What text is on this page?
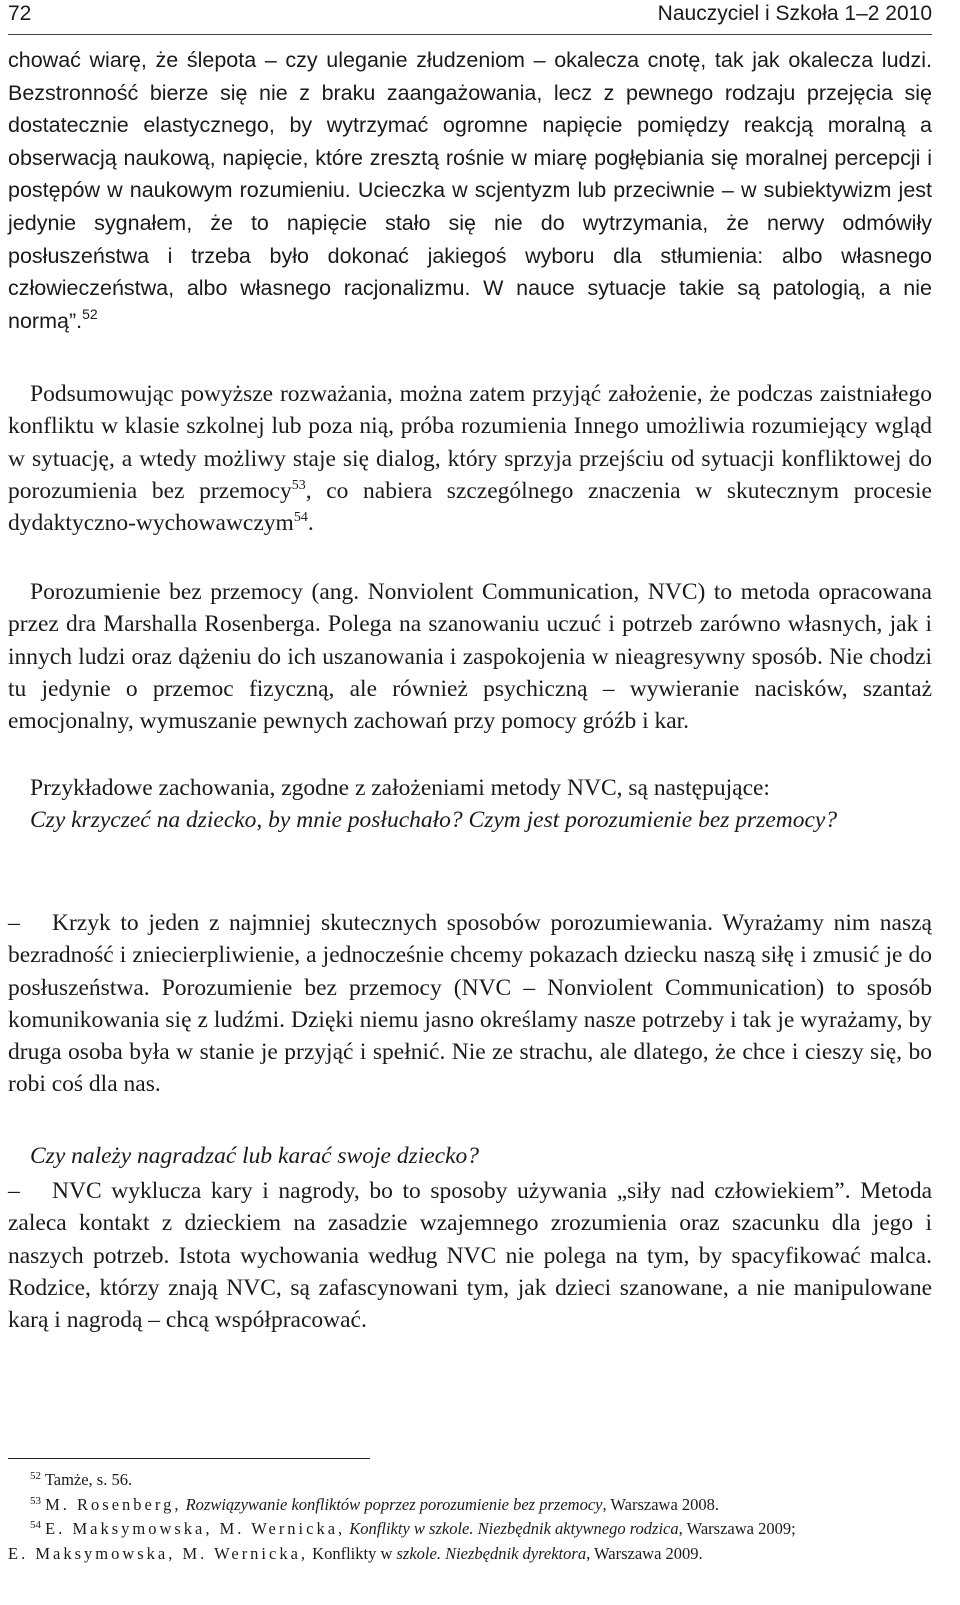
72	Nauczyciel i Szkoła 1–2 2010

chować wiarę, że ślepota – czy uleganie złudzeniom – okalecza cnotę, tak jak okalecza ludzi. Bezstronność bierze się nie z braku zaangażowania, lecz z pewnego rodzaju przejęcia się dostatecznie elastycznego, by wytrzymać ogromne napięcie pomiędzy reakcją moralną a obserwacją naukową, napięcie, które zresztą rośnie w miarę pogłębiania się moralnej percepcji i postępów w naukowym rozumieniu. Ucieczka w scjentyzm lub przeciwnie – w subiektywizm jest jedynie sygnałem, że to napięcie stało się nie do wytrzymania, że nerwy odmówiły posłuszeństwa i trzeba było dokonać jakiegoś wyboru dla stłumienia: albo własnego człowieczeństwa, albo własnego racjonalizmu. W nauce sytuacje takie są patologią, a nie normą”.$^{52}$

Podsumowując powyższe rozważania, można zatem przyjąć założenie, że podczas zaistniałego konfliktu w klasie szkolnej lub poza nią, próba rozumienia Innego umożliwia rozumiejący wgląd w sytuację, a wtedy możliwy staje się dialog, który sprzyja przejściu od sytuacji konfliktowej do porozumienia bez przemocy$^{53}$, co nabiera szczególnego znaczenia w skutecznym procesie dydaktyczno-wychowawczym$^{54}$.

Porozumienie bez przemocy (ang. Nonviolent Communication, NVC) to metoda opracowana przez dra Marshalla Rosenberga. Polega na szanowaniu uczuć i potrzeb zarówno własnych, jak i innych ludzi oraz dążeniu do ich uszanowania i zaspokojenia w nieagresywny sposób. Nie chodzi tu jedynie o przemoc fizyczną, ale również psychiczną – wywieranie nacisków, szantaż emocjonalny, wymuszanie pewnych zachowań przy pomocy gróźb i kar.

Przykładowe zachowania, zgodne z założeniami metody NVC, są następujące:

Czy krzyczeć na dziecko, by mnie posłuchało? Czym jest porozumienie bez przemocy?

– Krzyk to jeden z najmniej skutecznych sposobów porozumiewania. Wyrażamy nim naszą bezradność i zniecierpliwienie, a jednocześnie chcemy pokazach dziecku naszą siłę i zmusić je do posłuszeństwa. Porozumienie bez przemocy (NVC – Nonviolent Communication) to sposób komunikowania się z ludźmi. Dzięki niemu jasno określamy nasze potrzeby i tak je wyrażamy, by druga osoba była w stanie je przyjąć i spełnić. Nie ze strachu, ale dlatego, że chce i cieszy się, bo robi coś dla nas.

Czy należy nagradzać lub karać swoje dziecko?

– NVC wyklucza kary i nagrody, bo to sposoby używania „siły nad człowiekiem”. Metoda zaleca kontakt z dzieckiem na zasadzie wzajemnego zrozumienia oraz szacunku dla jego i naszych potrzeb. Istota wychowania według NVC nie polega na tym, by spacyfikować malca. Rodzice, którzy znają NVC, są zafascynowani tym, jak dzieci szanowane, a nie manipulowane karą i nagrodą – chcą współpracować.

$^{52}$ Tamże, s. 56.

$^{53}$ M. Rosenberg, Rozwiązywanie konfliktów poprzez porozumienie bez przemocy, Warszawa 2008.

$^{54}$ E. Maksymowska, M. Wernicka, Konflikty w szkole. Niezbędnik aktywnego rodzica, Warszawa 2009;

E. Maksymowska, M. Wernicka, Konflikty w szkole. Niezbędnik dyrektora, Warszawa 2009.
